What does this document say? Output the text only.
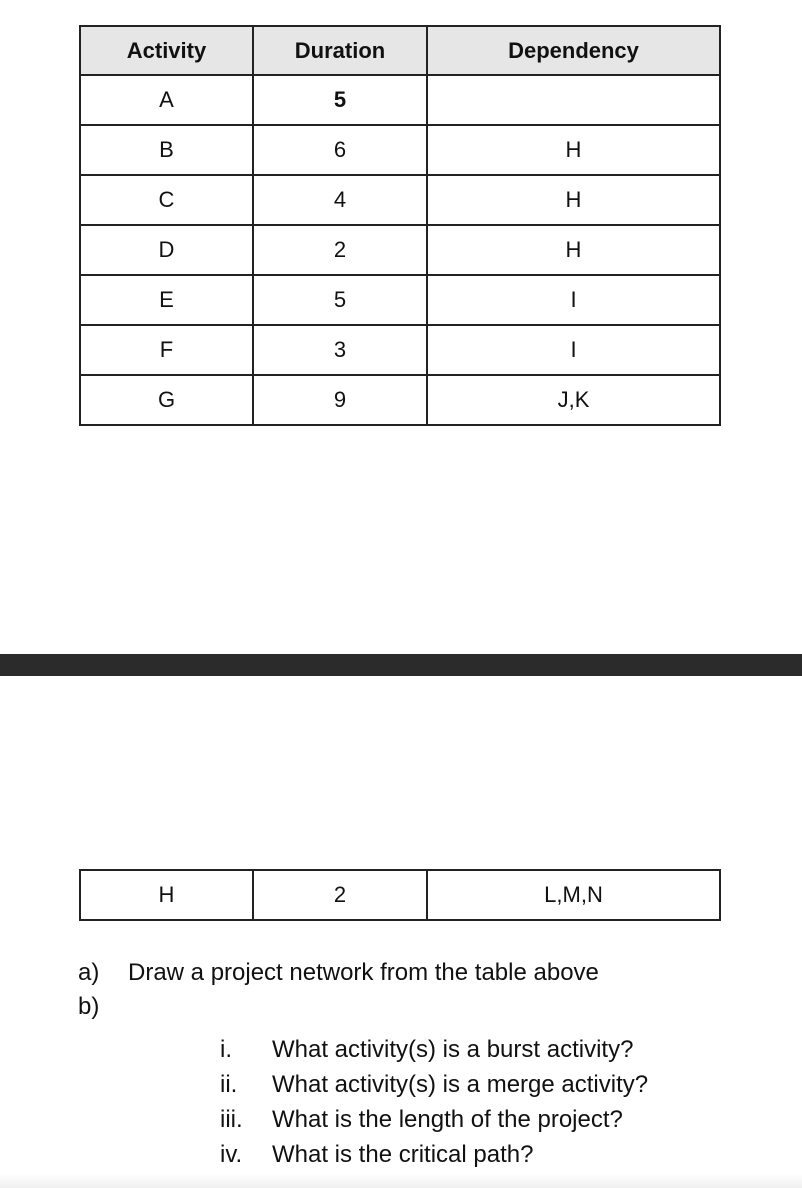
Activity	Duration	Dependency
A	5	
B	6	H
C	4	H
D	2	H
E	5	I
F	3	I
G	9	J,K
H	2	L,M,N
a)	Draw a project network from the table above
b)
i.	What activity(s) is a burst activity?
ii.	What activity(s) is a merge activity?
iii.	What is the length of the project?
iv.	What is the critical path?
